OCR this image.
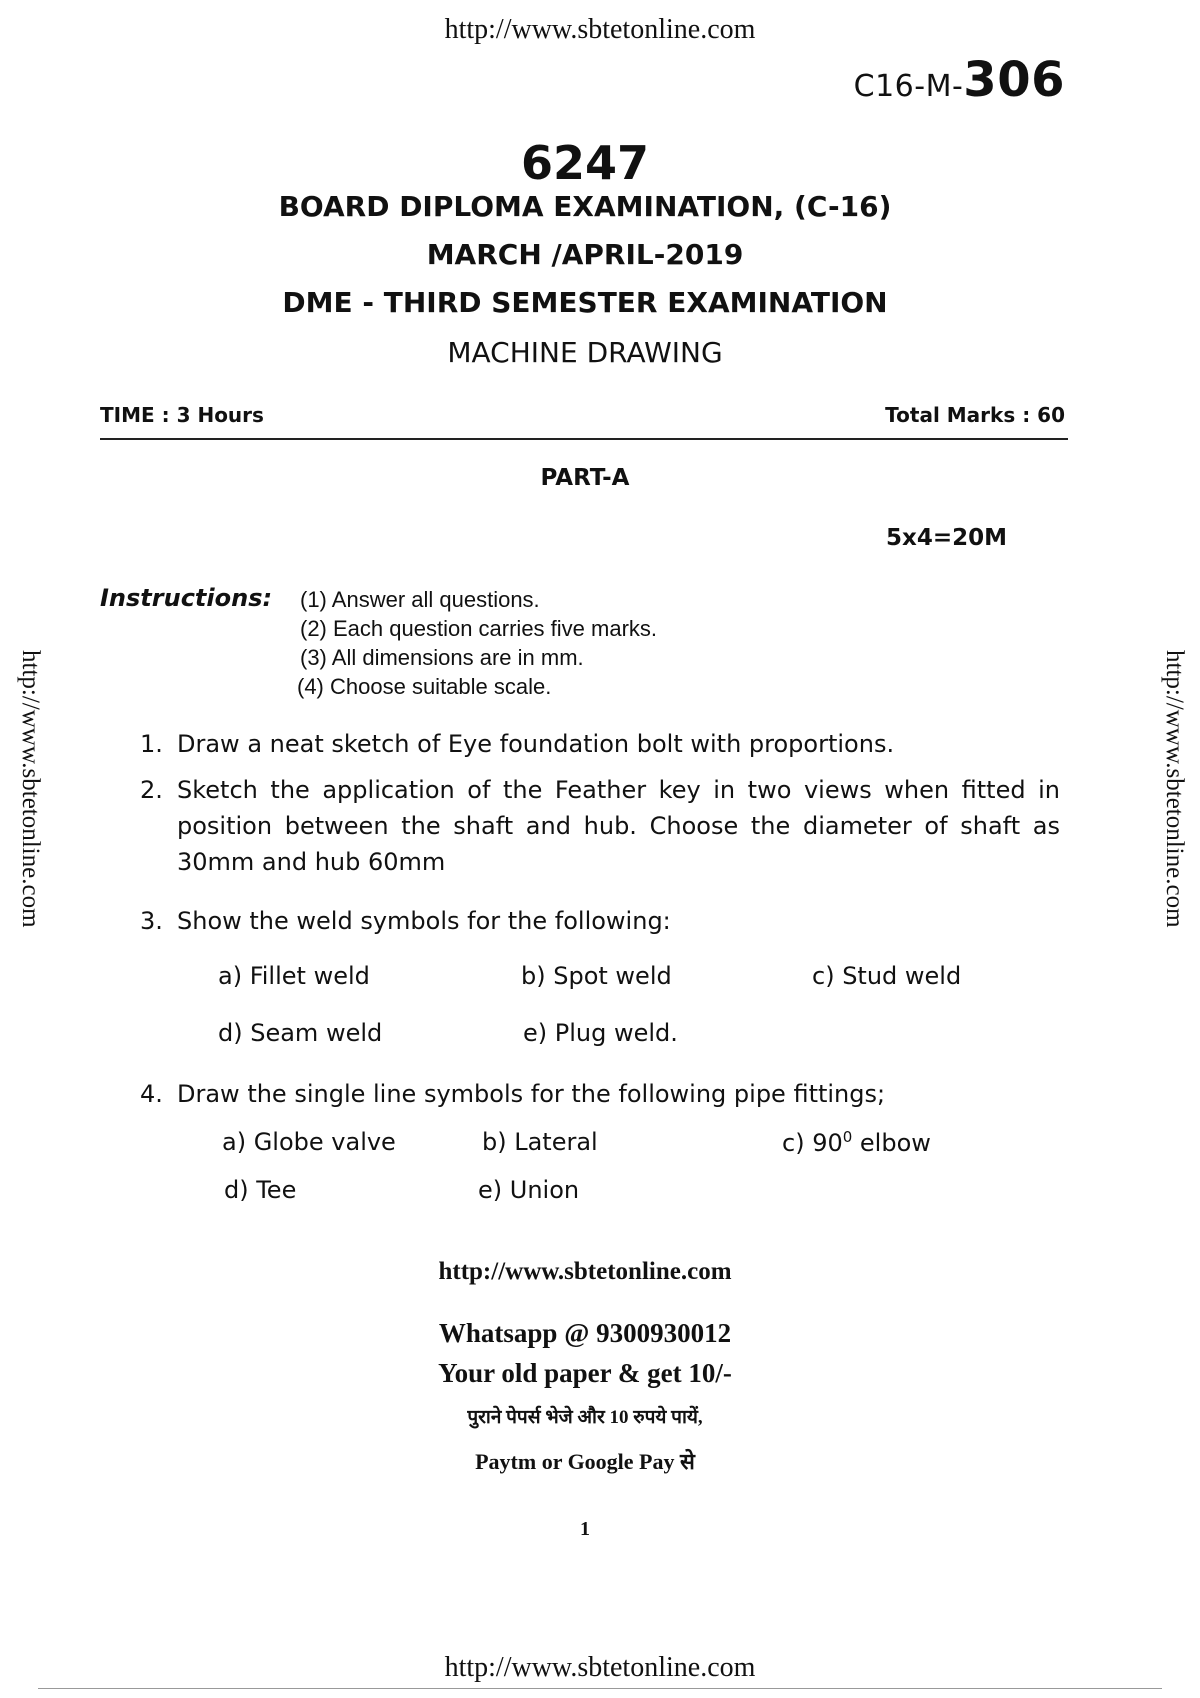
http://www.sbtetonline.com
http://www.sbtetonline.com	http://www.sbtetonline.com
C16-M-306
6247
BOARD DIPLOMA EXAMINATION, (C-16)
MARCH /APRIL-2019
DME - THIRD SEMESTER EXAMINATION
MACHINE DRAWING
TIME : 3 Hours	Total Marks : 60
PART-A
5x4=20M
Instructions: (1) Answer all questions.
(2) Each question carries five marks.
(3) All dimensions are in mm.
(4) Choose suitable scale.
1. Draw a neat sketch of Eye foundation bolt with proportions.
2. Sketch the application of the Feather key in two views when fitted in position between the shaft and hub. Choose the diameter of shaft as 30mm and hub 60mm
3. Show the weld symbols for the following:
a) Fillet weld	b) Spot weld	c) Stud weld
d) Seam weld	e) Plug weld.
4. Draw the single line symbols for the following pipe fittings;
a) Globe valve	b) Lateral	c) $90^0$ elbow
d) Tee	e) Union
http://www.sbtetonline.com
Whatsapp @ 9300930012
Your old paper & get 10/-
पुराने पेपर्स भेजे और 10 रुपये पायें,
Paytm or Google Pay से
1
http://www.sbtetonline.com
